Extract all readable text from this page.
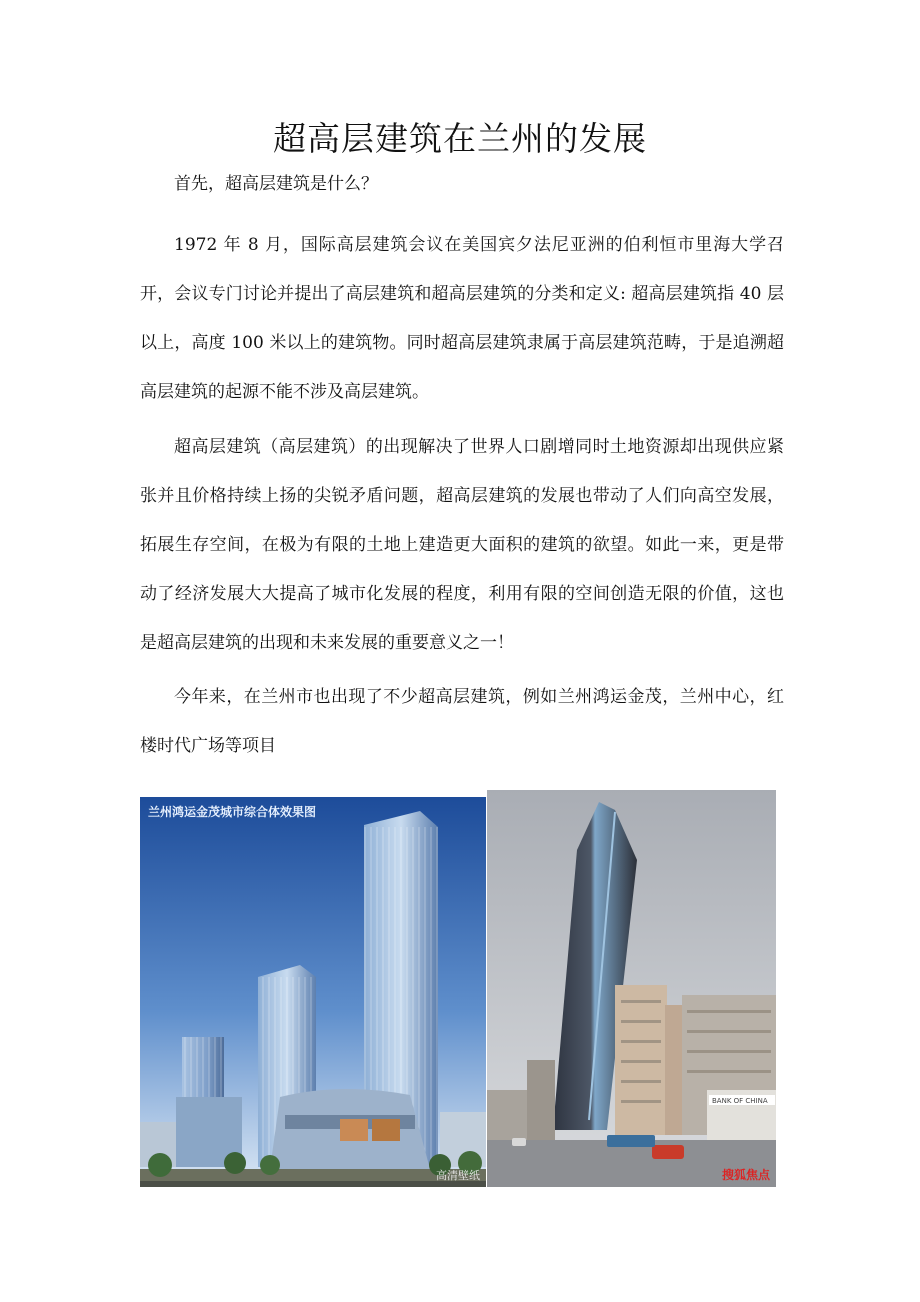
超高层建筑在兰州的发展

首先，超高层建筑是什么？

1972 年 8 月，国际高层建筑会议在美国宾夕法尼亚洲的伯利恒市里海大学召开，会议专门讨论并提出了高层建筑和超高层建筑的分类和定义: 超高层建筑指 40 层以上，高度 100 米以上的建筑物。同时超高层建筑隶属于高层建筑范畴，于是追溯超高层建筑的起源不能不涉及高层建筑。

超高层建筑（高层建筑）的出现解决了世界人口剧增同时土地资源却出现供应紧张并且价格持续上扬的尖锐矛盾问题，超高层建筑的发展也带动了人们向高空发展，拓展生存空间，在极为有限的土地上建造更大面积的建筑的欲望。如此一来，更是带动了经济发展大大提高了城市化发展的程度，利用有限的空间创造无限的价值，这也是超高层建筑的出现和未来发展的重要意义之一！

今年来，在兰州市也出现了不少超高层建筑，例如兰州鸿运金茂，兰州中心，红楼时代广场等项目

兰州鸿运金茂城市综合体效果图
高清壁纸
BANK OF CHINA
搜狐焦点
